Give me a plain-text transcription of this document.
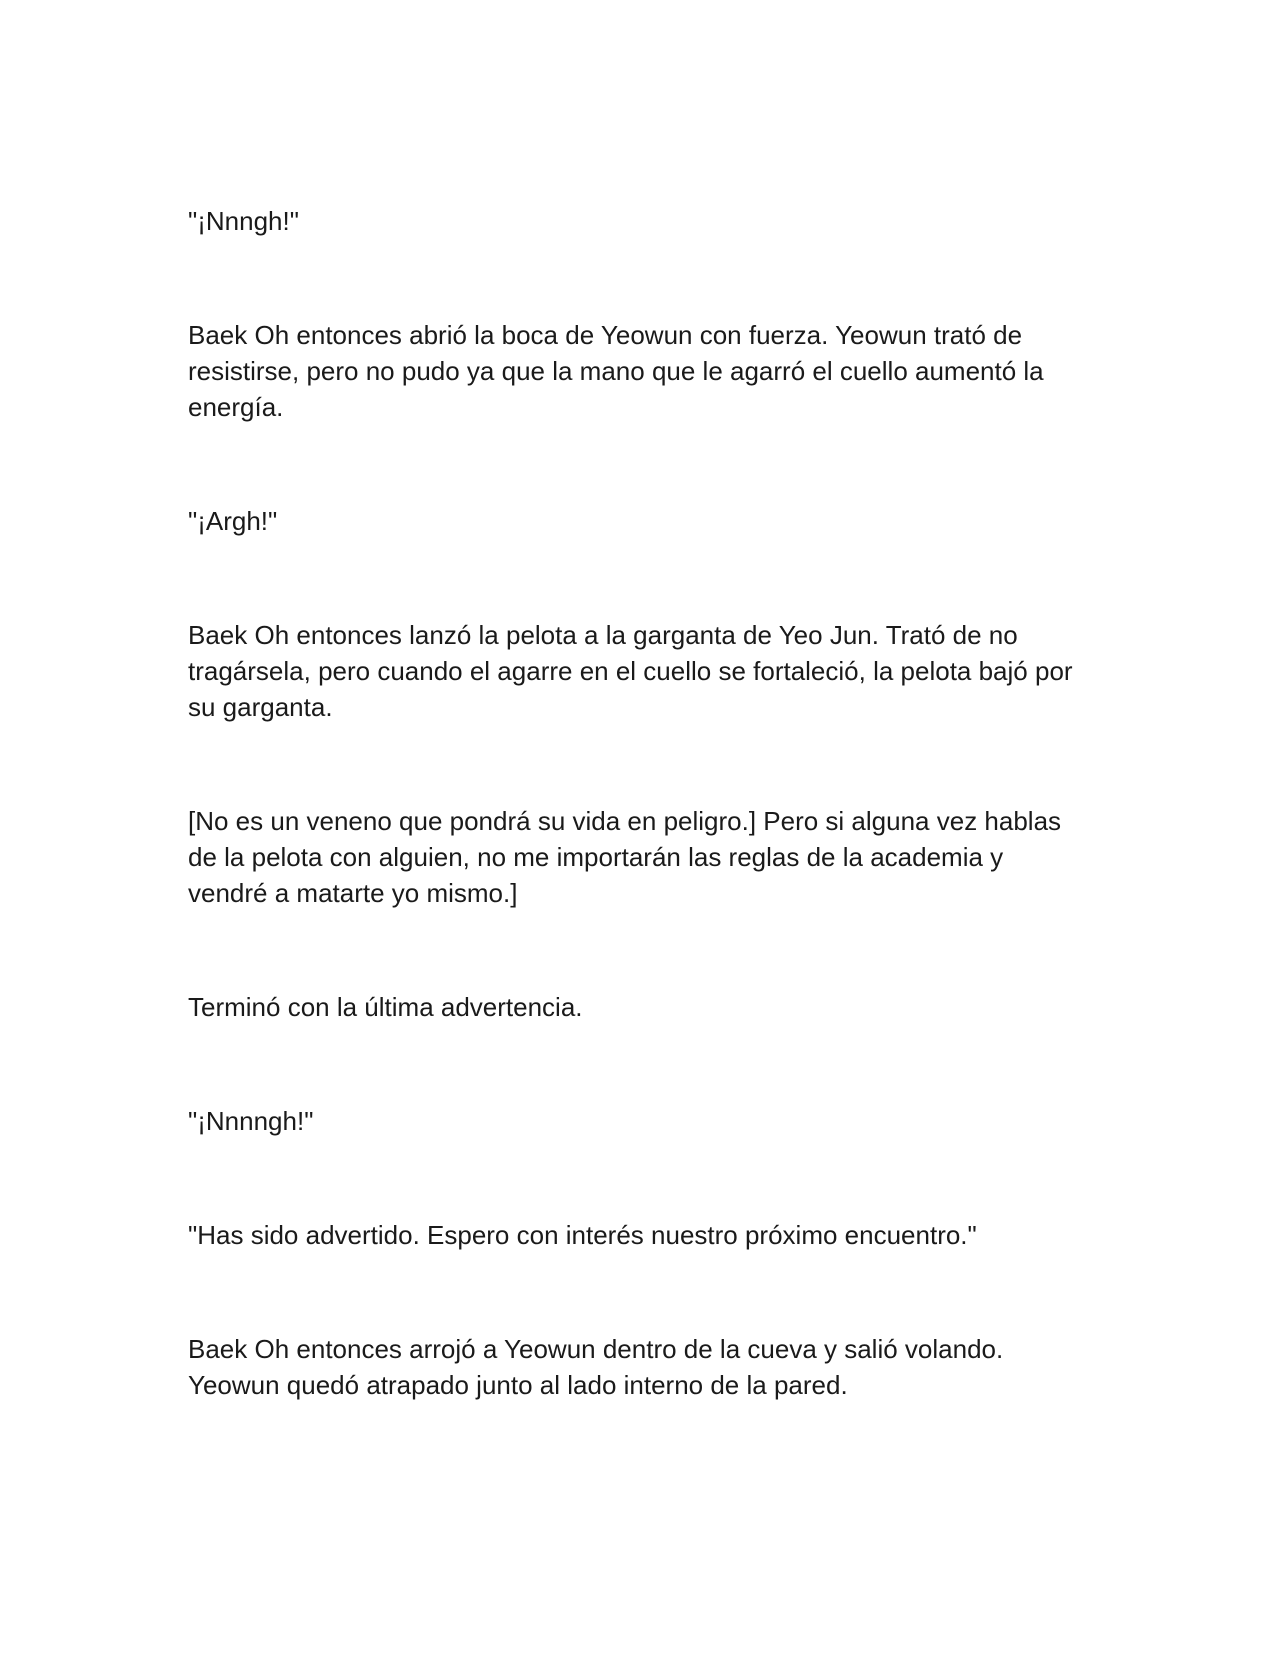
"¡Nnngh!"

Baek Oh entonces abrió la boca de Yeowun con fuerza. Yeowun trató de resistirse, pero no pudo ya que la mano que le agarró el cuello aumentó la energía.

"¡Argh!"

Baek Oh entonces lanzó la pelota a la garganta de Yeo Jun. Trató de no tragársela, pero cuando el agarre en el cuello se fortaleció, la pelota bajó por su garganta.

[No es un veneno que pondrá su vida en peligro.] Pero si alguna vez hablas de la pelota con alguien, no me importarán las reglas de la academia y vendré a matarte yo mismo.]

Terminó con la última advertencia.

"¡Nnnngh!"

"Has sido advertido. Espero con interés nuestro próximo encuentro."

Baek Oh entonces arrojó a Yeowun dentro de la cueva y salió volando. Yeowun quedó atrapado junto al lado interno de la pared.
